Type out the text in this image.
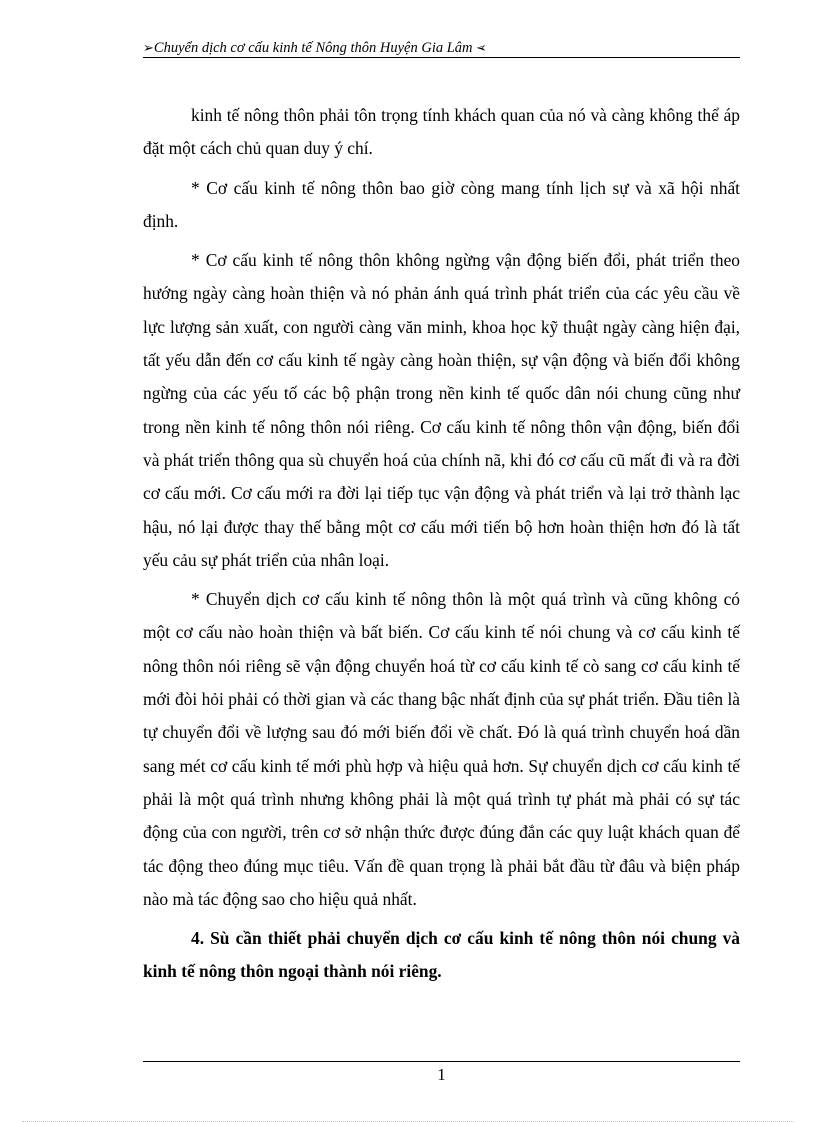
➢Chuyển dịch cơ cấu kinh tế Nông thôn Huyện Gia Lâm ➢

kinh tế nông thôn phải tôn trọng tính khách quan của nó và càng không thể áp đặt một cách chủ quan duy ý chí.

* Cơ cấu kinh tế nông thôn bao giờ còng mang tính lịch sự và xã hội nhất định.

* Cơ cấu kinh tế nông thôn không ngừng vận động biến đổi, phát triển theo hướng ngày càng hoàn thiện và nó phản ánh quá trình phát triển của các yêu cầu về lực lượng sản xuất, con người càng văn minh, khoa học kỹ thuật ngày càng hiện đại, tất yếu dẫn đến cơ cấu kinh tế ngày càng hoàn thiện, sự vận động và biến đổi không ngừng của các yếu tố các bộ phận trong nền kinh tế quốc dân nói chung cũng như trong nền kinh tế nông thôn nói riêng. Cơ cấu kinh tế nông thôn vận động, biến đổi và phát triển thông qua sù chuyển hoá của chính nã, khi đó cơ cấu cũ mất đi và ra đời cơ cấu mới. Cơ cấu mới ra đời lại tiếp tục vận động và phát triển và lại trở thành lạc hậu, nó lại được thay thế bằng một cơ cấu mới tiến bộ hơn hoàn thiện hơn đó là tất yếu cảu sự phát triển của nhân loại.

* Chuyển dịch cơ cấu kinh tế nông thôn là một quá trình và cũng không có một cơ cấu nào hoàn thiện và bất biến. Cơ cấu kinh tế nói chung và cơ cấu kinh tế nông thôn nói riêng sẽ vận động chuyển hoá từ cơ cấu kinh tế cò sang cơ cấu kinh tế mới đòi hỏi phải có thời gian và các thang bậc nhất định của sự phát triển. Đầu tiên là tự chuyển đổi về lượng sau đó mới biến đổi về chất. Đó là quá trình chuyển hoá dần sang mét cơ cấu kinh tế mới phù hợp và hiệu quả hơn. Sự chuyển dịch cơ cấu kinh tế phải là một quá trình nhưng không phải là một quá trình tự phát mà phải có sự tác động của con người, trên cơ sở nhận thức được đúng đắn các quy luật khách quan để tác động theo đúng mục tiêu. Vấn đề quan trọng là phải bắt đầu từ đâu và biện pháp nào mà tác động sao cho hiệu quả nhất.

4. Sù cần thiết phải chuyển dịch cơ cấu kinh tế nông thôn nói chung và kinh tế nông thôn ngoại thành nói riêng.

1
